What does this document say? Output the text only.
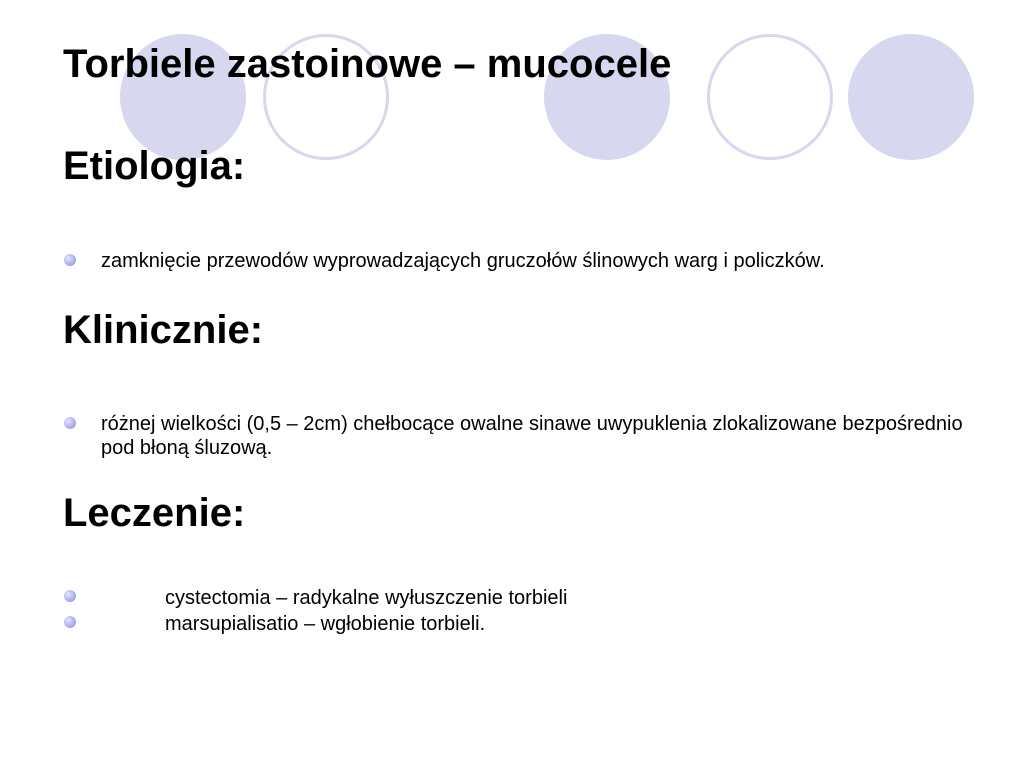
Torbiele zastoinowe – mucocele
Etiologia:
zamknięcie przewodów wyprowadzających gruczołów ślinowych warg i policzków.
Klinicznie:
różnej wielkości (0,5 – 2cm) chełbocące owalne sinawe uwypuklenia zlokalizowane bezpośrednio pod błoną śluzową.
Leczenie:
cystectomia – radykalne wyłuszczenie torbieli
marsupialisatio – wgłobienie torbieli.
